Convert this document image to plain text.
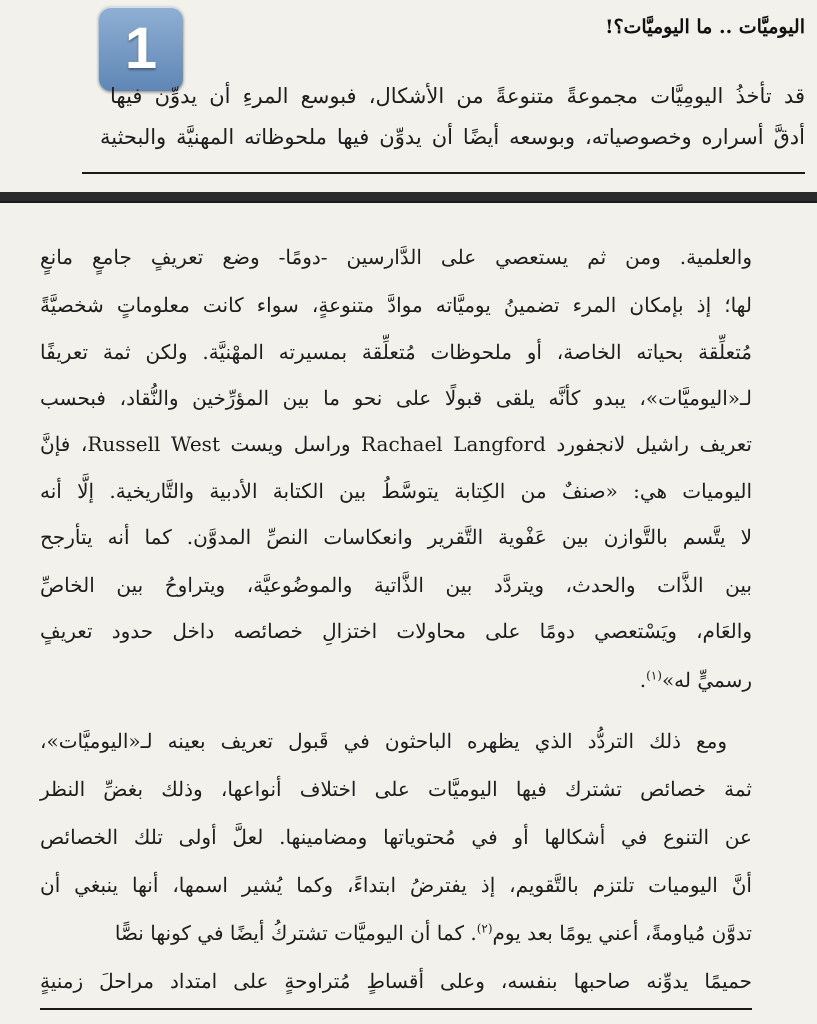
1	اليوميَّات .. ما اليوميَّات؟!
قد تأخذُ اليومِيَّات مجموعةً متنوعةً من الأشكال، فبوسع المرءِ أن يدوِّن فيها
أدقَّ أسراره وخصوصياته، وبوسعه أيضًا أن يدوِّن فيها ملحوظاته المهنيَّة والبحثية
والعلمية. ومن ثم يستعصي على الدَّارسين -دومًا- وضع تعريفٍ جامعٍ مانعٍ
لها؛ إذ بإمكان المرء تضمينُ يوميَّاته موادَّ متنوعةٍ، سواء كانت معلوماتٍ شخصيَّةً
مُتعلِّقة بحياته الخاصة، أو ملحوظات مُتعلِّقة بمسيرته المهْنيَّة. ولكن ثمة تعريفًا
لـ«اليوميَّات»، يبدو كأنَّه يلقى قبولًا على نحو ما بين المؤرِّخين والنُّقاد، فبحسب
تعريف راشيل لانجفورد Rachael Langford وراسل ويست Russell West، فإنَّ
اليوميات هي: «صنفٌ من الكِتابة يتوسَّطُ بين الكتابة الأدبية والتَّاريخية. إلَّا أنه
لا يتَّسم بالتَّوازن بين عَفْوية التَّقرير وانعكاسات النصِّ المدوَّن. كما أنه يتأرجح
بين الذَّات والحدث، ويتردَّد بين الذَّاتية والموضُوعيَّة، ويتراوحُ بين الخاصِّ
والعَام، ويَسْتعصي دومًا على محاولات اختزالِ خصائصه داخل حدود تعريفٍ
رسميٍّ له»$^{(١)}$.
ومع ذلك التردُّد الذي يظهره الباحثون في قَبول تعريف بعينه لـ«اليوميَّات»،
ثمة خصائص تشترك فيها اليوميَّات على اختلاف أنواعها، وذلك بغضِّ النظر
عن التنوع في أشكالها أو في مُحتوياتها ومضامينها. لعلَّ أولى تلك الخصائص
أنَّ اليوميات تلتزم بالتَّقويم، إذ يفترضُ ابتداءً، وكما يُشير اسمها، أنها ينبغي أن
تدوَّن مُياومةً، أعني يومًا بعد يوم$^{(٢)}$. كما أن اليوميَّات تشتركُ أيضًا في كونها نصًّا
حميمًا يدوِّنه صاحبها بنفسه، وعلى أقساطٍ مُتراوحةٍ على امتداد مراحلَ زمنيةٍ
